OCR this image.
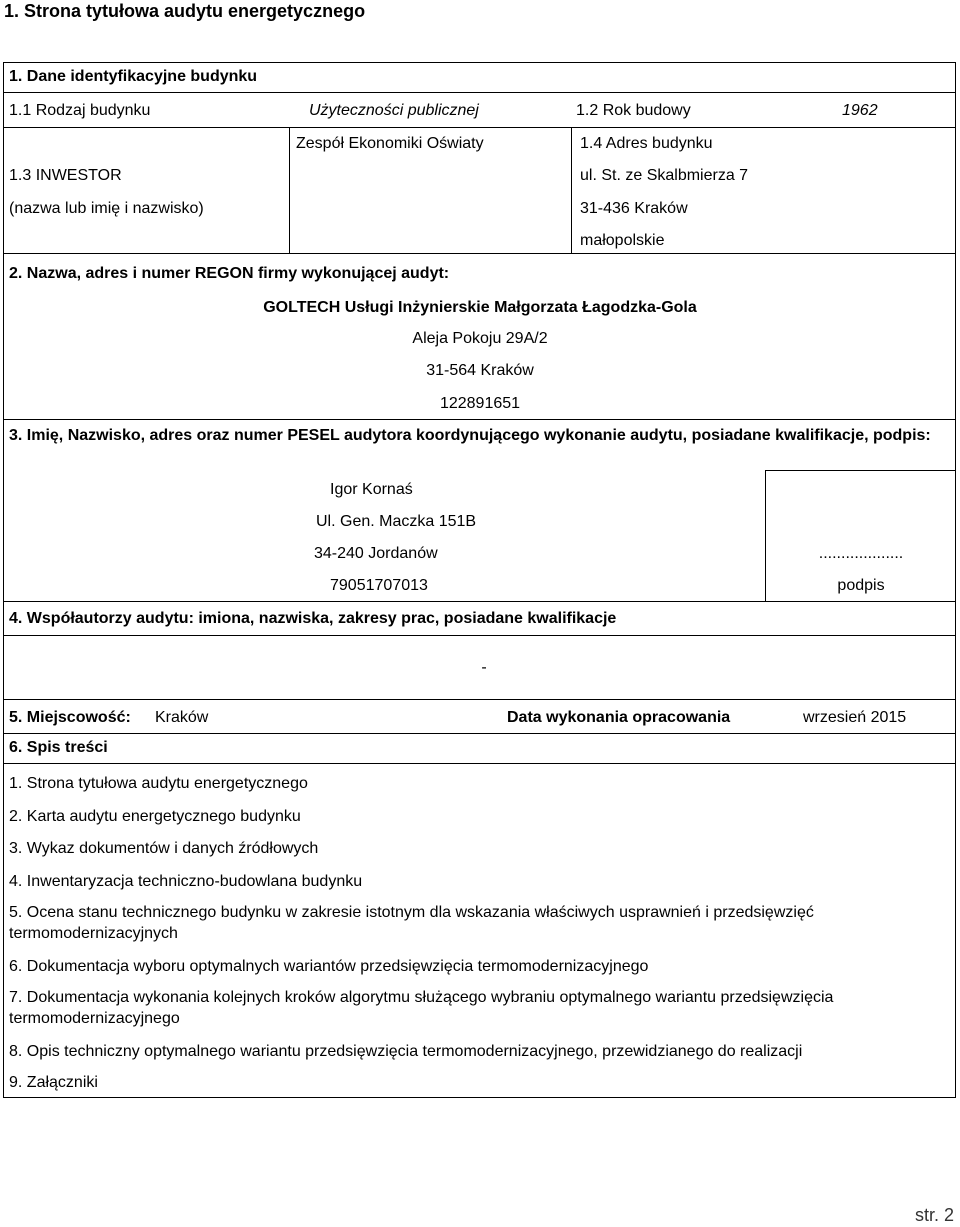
1. Strona tytułowa audytu energetycznego
1. Dane identyfikacyjne budynku
1.1 Rodzaj budynku	Użyteczności publicznej	1.2 Rok budowy	1962
1.3 INWESTOR
(nazwa lub imię i nazwisko)
Zespół Ekonomiki Oświaty	1.4 Adres budynku
ul. St. ze Skalbmierza 7
31-436 Kraków
małopolskie
2. Nazwa, adres i numer REGON firmy wykonującej audyt:
GOLTECH Usługi Inżynierskie Małgorzata Łagodzka-Gola
Aleja Pokoju 29A/2
31-564 Kraków
122891651
3. Imię, Nazwisko, adres oraz numer PESEL audytora koordynującego wykonanie audytu, posiadane kwalifikacje, podpis:
Igor Kornaś
Ul. Gen. Maczka 151B
34-240 Jordanów
79051707013
...................
podpis
4. Współautorzy audytu: imiona, nazwiska, zakresy prac, posiadane kwalifikacje
-
5. Miejscowość: Kraków	Data wykonania opracowania	wrzesień 2015
6. Spis treści
1. Strona tytułowa audytu energetycznego
2. Karta audytu energetycznego budynku
3. Wykaz dokumentów i danych źródłowych
4. Inwentaryzacja techniczno-budowlana budynku
5. Ocena stanu technicznego budynku w zakresie istotnym dla wskazania właściwych usprawnień i przedsięwzięć termomodernizacyjnych
6. Dokumentacja wyboru optymalnych wariantów przedsięwzięcia termomodernizacyjnego
7. Dokumentacja wykonania kolejnych kroków algorytmu służącego wybraniu optymalnego wariantu przedsięwzięcia termomodernizacyjnego
8. Opis techniczny optymalnego wariantu przedsięwzięcia termomodernizacyjnego, przewidzianego do realizacji
9. Załączniki
str. 2
